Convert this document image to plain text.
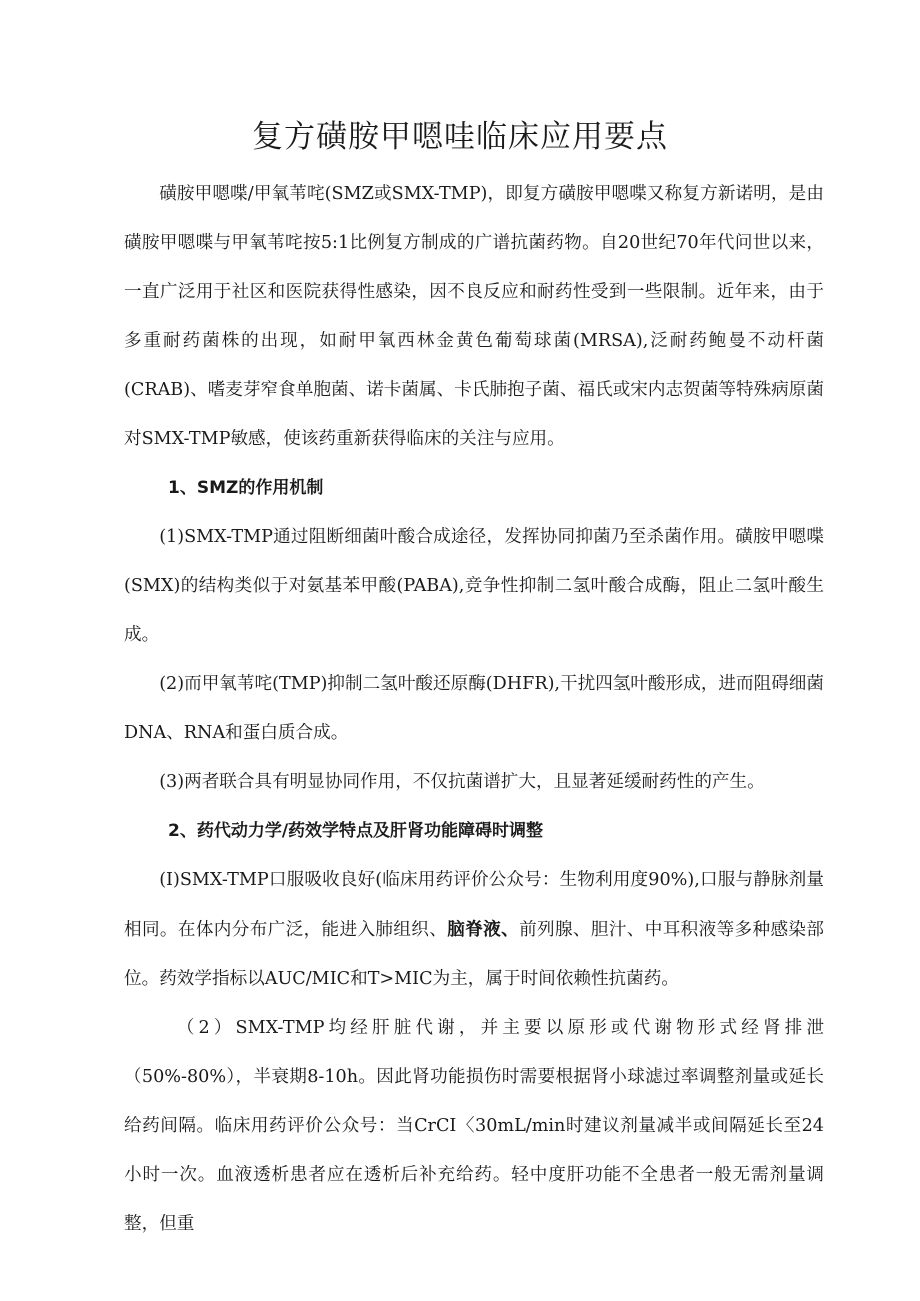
复方磺胺甲嗯哇临床应用要点

磺胺甲嗯喋/甲氧苇咤(SMZ或SMX-TMP)，即复方磺胺甲嗯喋又称复方新诺明，是由磺胺甲嗯喋与甲氧苇咤按5:1比例复方制成的广谱抗菌药物。自20世纪70年代问世以来，一直广泛用于社区和医院获得性感染，因不良反应和耐药性受到一些限制。近年来，由于多重耐药菌株的出现，如耐甲氧西林金黄色葡萄球菌(MRSA),泛耐药鲍曼不动杆菌(CRAB)、嗜麦芽窄食单胞菌、诺卡菌属、卡氏肺抱子菌、福氏或宋内志贺菌等特殊病原菌对SMX-TMP敏感，使该药重新获得临床的关注与应用。

1、SMZ的作用机制

(1)SMX-TMP通过阻断细菌叶酸合成途径，发挥协同抑菌乃至杀菌作用。磺胺甲嗯喋(SMX)的结构类似于对氨基苯甲酸(PABA),竞争性抑制二氢叶酸合成酶，阻止二氢叶酸生成。

(2)而甲氧苇咤(TMP)抑制二氢叶酸还原酶(DHFR),干扰四氢叶酸形成，进而阻碍细菌DNA、RNA和蛋白质合成。

(3)两者联合具有明显协同作用，不仅抗菌谱扩大，且显著延缓耐药性的产生。

2、药代动力学/药效学特点及肝肾功能障碍时调整

(I)SMX-TMP口服吸收良好(临床用药评价公众号：生物利用度90%),口服与静脉剂量相同。在体内分布广泛，能进入肺组织、脑脊液、前列腺、胆汁、中耳积液等多种感染部位。药效学指标以AUC/MIC和T>MIC为主，属于时间依赖性抗菌药。

（2）SMX-TMP均经肝脏代谢，并主要以原形或代谢物形式经肾排泄（50%-80%），半衰期8-10h。因此肾功能损伤时需要根据肾小球滤过率调整剂量或延长给药间隔。临床用药评价公众号：当CrCI〈30mL/min时建议剂量减半或间隔延长至24小时一次。血液透析患者应在透析后补充给药。轻中度肝功能不全患者一般无需剂量调整，但重
